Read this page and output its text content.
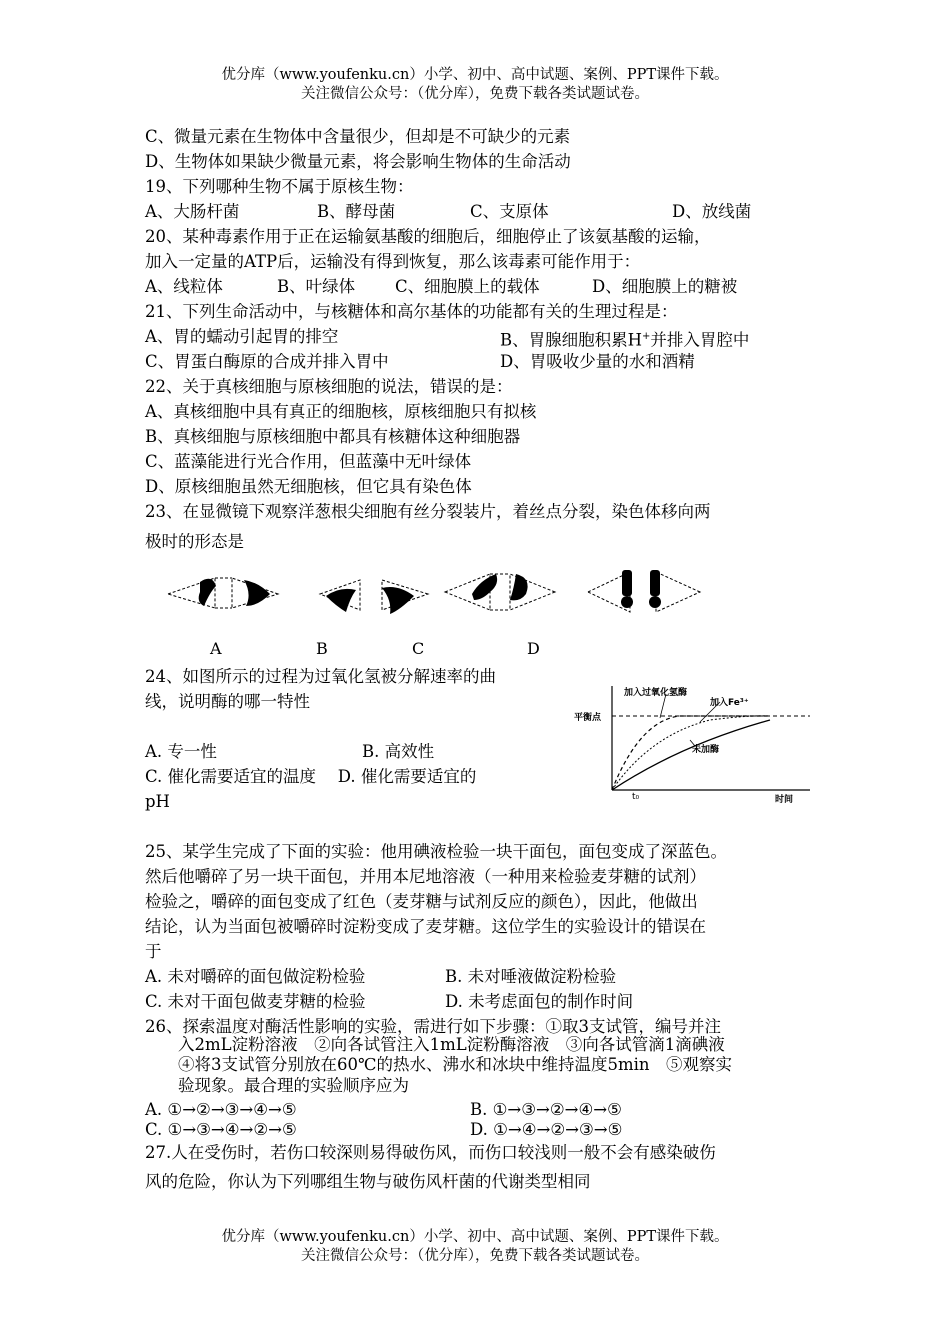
优分库（www.youfenku.cn）小学、初中、高中试题、案例、PPT课件下载。
关注微信公众号：（优分库），免费下载各类试题试卷。
C、微量元素在生物体中含量很少，但却是不可缺少的元素
D、生物体如果缺少微量元素，将会影响生物体的生命活动
19、下列哪种生物不属于原核生物：
A、大肠杆菌	B、酵母菌	C、支原体	D、放线菌
20、某种毒素作用于正在运输氨基酸的细胞后，细胞停止了该氨基酸的运输，
加入一定量的ATP后，运输没有得到恢复，那么该毒素可能作用于：
A、线粒体	B、叶绿体 C、细胞膜上的载体	D、细胞膜上的糖被
21、下列生命活动中，与核糖体和高尔基体的功能都有关的生理过程是：
A、胃的蠕动引起胃的排空	B、胃腺细胞积累H+并排入胃腔中
C、胃蛋白酶原的合成并排入胃中	D、胃吸收少量的水和酒精
22、关于真核细胞与原核细胞的说法，错误的是：
A、真核细胞中具有真正的细胞核，原核细胞只有拟核
B、真核细胞与原核细胞中都具有核糖体这种细胞器
C、蓝藻能进行光合作用，但蓝藻中无叶绿体
D、原核细胞虽然无细胞核，但它具有染色体
23、在显微镜下观察洋葱根尖细胞有丝分裂装片，着丝点分裂，染色体移向两
极时的形态是
A	B	C	D
24、如图所示的过程为过氧化氢被分解速率的曲
线，说明酶的哪一特性
A. 专一性	B. 高效性
C. 催化需要适宜的温度　 D. 催化需要适宜的
pH
加入过氧化氢酶
加入Fe³⁺
平衡点
未加酶
t₀	时间
25、某学生完成了下面的实验：他用碘液检验一块干面包，面包变成了深蓝色。
然后他嚼碎了另一块干面包，并用本尼地溶液（一种用来检验麦芽糖的试剂）
检验之，嚼碎的面包变成了红色（麦芽糖与试剂反应的颜色），因此，他做出
结论，认为当面包被嚼碎时淀粉变成了麦芽糖。这位学生的实验设计的错误在
于
A. 未对嚼碎的面包做淀粉检验	B. 未对唾液做淀粉检验
C. 未对干面包做麦芽糖的检验	D. 未考虑面包的制作时间
26、探索温度对酶活性影响的实验，需进行如下步骤：①取3支试管，编号并注
入2mL淀粉溶液　②向各试管注入1mL淀粉酶溶液　③向各试管滴1滴碘液
④将3支试管分别放在60℃的热水、沸水和冰块中维持温度5min　⑤观察实
验现象。最合理的实验顺序应为
A. ①→②→③→④→⑤	B. ①→③→②→④→⑤
C. ①→③→④→②→⑤	D. ①→④→②→③→⑤
27.人在受伤时，若伤口较深则易得破伤风，而伤口较浅则一般不会有感染破伤
风的危险，你认为下列哪组生物与破伤风杆菌的代谢类型相同
优分库（www.youfenku.cn）小学、初中、高中试题、案例、PPT课件下载。
关注微信公众号：（优分库），免费下载各类试题试卷。
